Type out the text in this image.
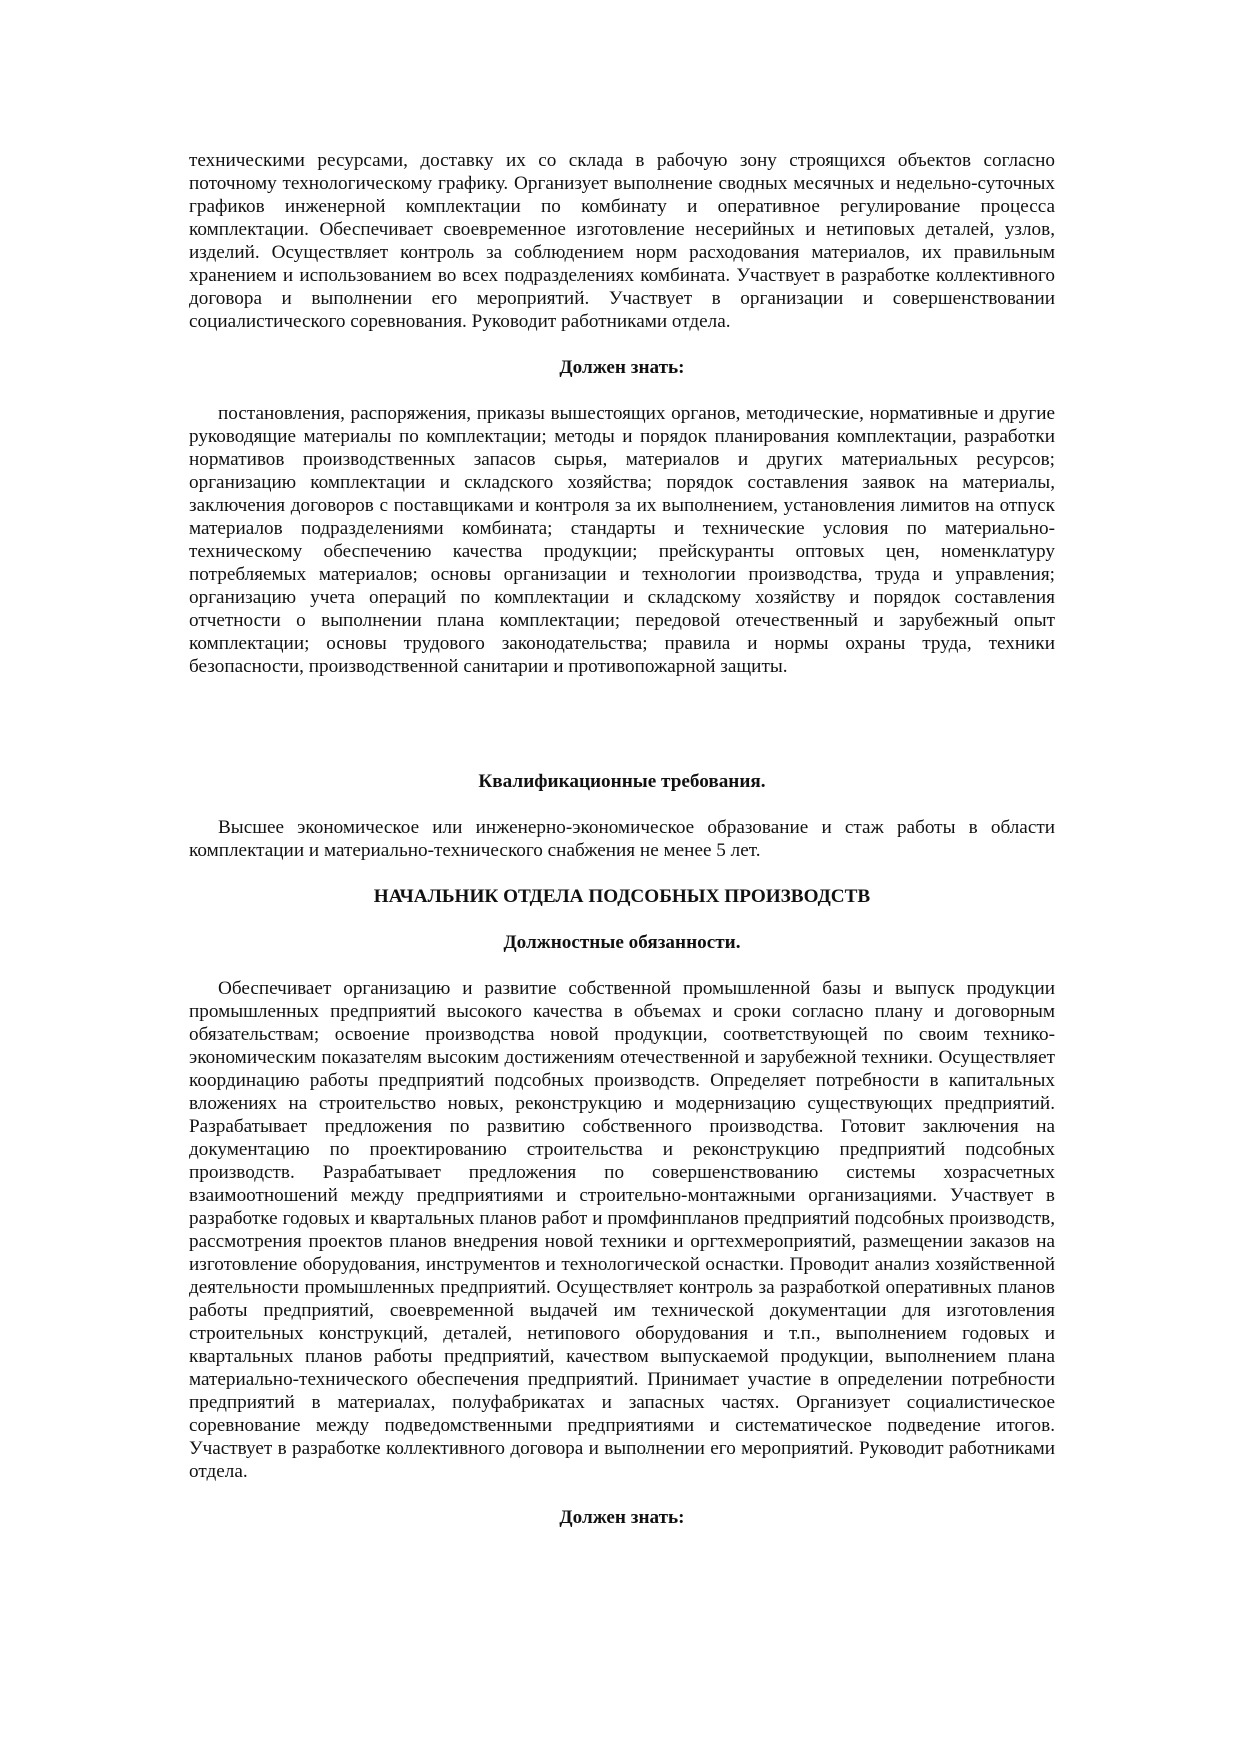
техническими ресурсами, доставку их со склада в рабочую зону строящихся объектов согласно поточному технологическому графику. Организует выполнение сводных месячных и недельно-суточных графиков инженерной комплектации по комбинату и оперативное регулирование процесса комплектации. Обеспечивает своевременное изготовление несерийных и нетиповых деталей, узлов, изделий. Осуществляет контроль за соблюдением норм расходования материалов, их правильным хранением и использованием во всех подразделениях комбината. Участвует в разработке коллективного договора и выполнении его мероприятий. Участвует в организации и совершенствовании социалистического соревнования. Руководит работниками отдела.

Должен знать:

постановления, распоряжения, приказы вышестоящих органов, методические, нормативные и другие руководящие материалы по комплектации; методы и порядок планирования комплектации, разработки нормативов производственных запасов сырья, материалов и других материальных ресурсов; организацию комплектации и складского хозяйства; порядок составления заявок на материалы, заключения договоров с поставщиками и контроля за их выполнением, установления лимитов на отпуск материалов подразделениями комбината; стандарты и технические условия по материально-техническому обеспечению качества продукции; прейскуранты оптовых цен, номенклатуру потребляемых материалов; основы организации и технологии производства, труда и управления; организацию учета операций по комплектации и складскому хозяйству и порядок составления отчетности о выполнении плана комплектации; передовой отечественный и зарубежный опыт комплектации; основы трудового законодательства; правила и нормы охраны труда, техники безопасности, производственной санитарии и противопожарной защиты.

Квалификационные требования.

Высшее экономическое или инженерно-экономическое образование и стаж работы в области комплектации и материально-технического снабжения не менее 5 лет.

НАЧАЛЬНИК ОТДЕЛА ПОДСОБНЫХ ПРОИЗВОДСТВ

Должностные обязанности.

Обеспечивает организацию и развитие собственной промышленной базы и выпуск продукции промышленных предприятий высокого качества в объемах и сроки согласно плану и договорным обязательствам; освоение производства новой продукции, соответствующей по своим технико-экономическим показателям высоким достижениям отечественной и зарубежной техники. Осуществляет координацию работы предприятий подсобных производств. Определяет потребности в капитальных вложениях на строительство новых, реконструкцию и модернизацию существующих предприятий. Разрабатывает предложения по развитию собственного производства. Готовит заключения на документацию по проектированию строительства и реконструкцию предприятий подсобных производств. Разрабатывает предложения по совершенствованию системы хозрасчетных взаимоотношений между предприятиями и строительно-монтажными организациями. Участвует в разработке годовых и квартальных планов работ и промфинпланов предприятий подсобных производств, рассмотрения проектов планов внедрения новой техники и оргтехмероприятий, размещении заказов на изготовление оборудования, инструментов и технологической оснастки. Проводит анализ хозяйственной деятельности промышленных предприятий. Осуществляет контроль за разработкой оперативных планов работы предприятий, своевременной выдачей им технической документации для изготовления строительных конструкций, деталей, нетипового оборудования и т.п., выполнением годовых и квартальных планов работы предприятий, качеством выпускаемой продукции, выполнением плана материально-технического обеспечения предприятий. Принимает участие в определении потребности предприятий в материалах, полуфабрикатах и запасных частях. Организует социалистическое соревнование между подведомственными предприятиями и систематическое подведение итогов. Участвует в разработке коллективного договора и выполнении его мероприятий. Руководит работниками отдела.

Должен знать:
